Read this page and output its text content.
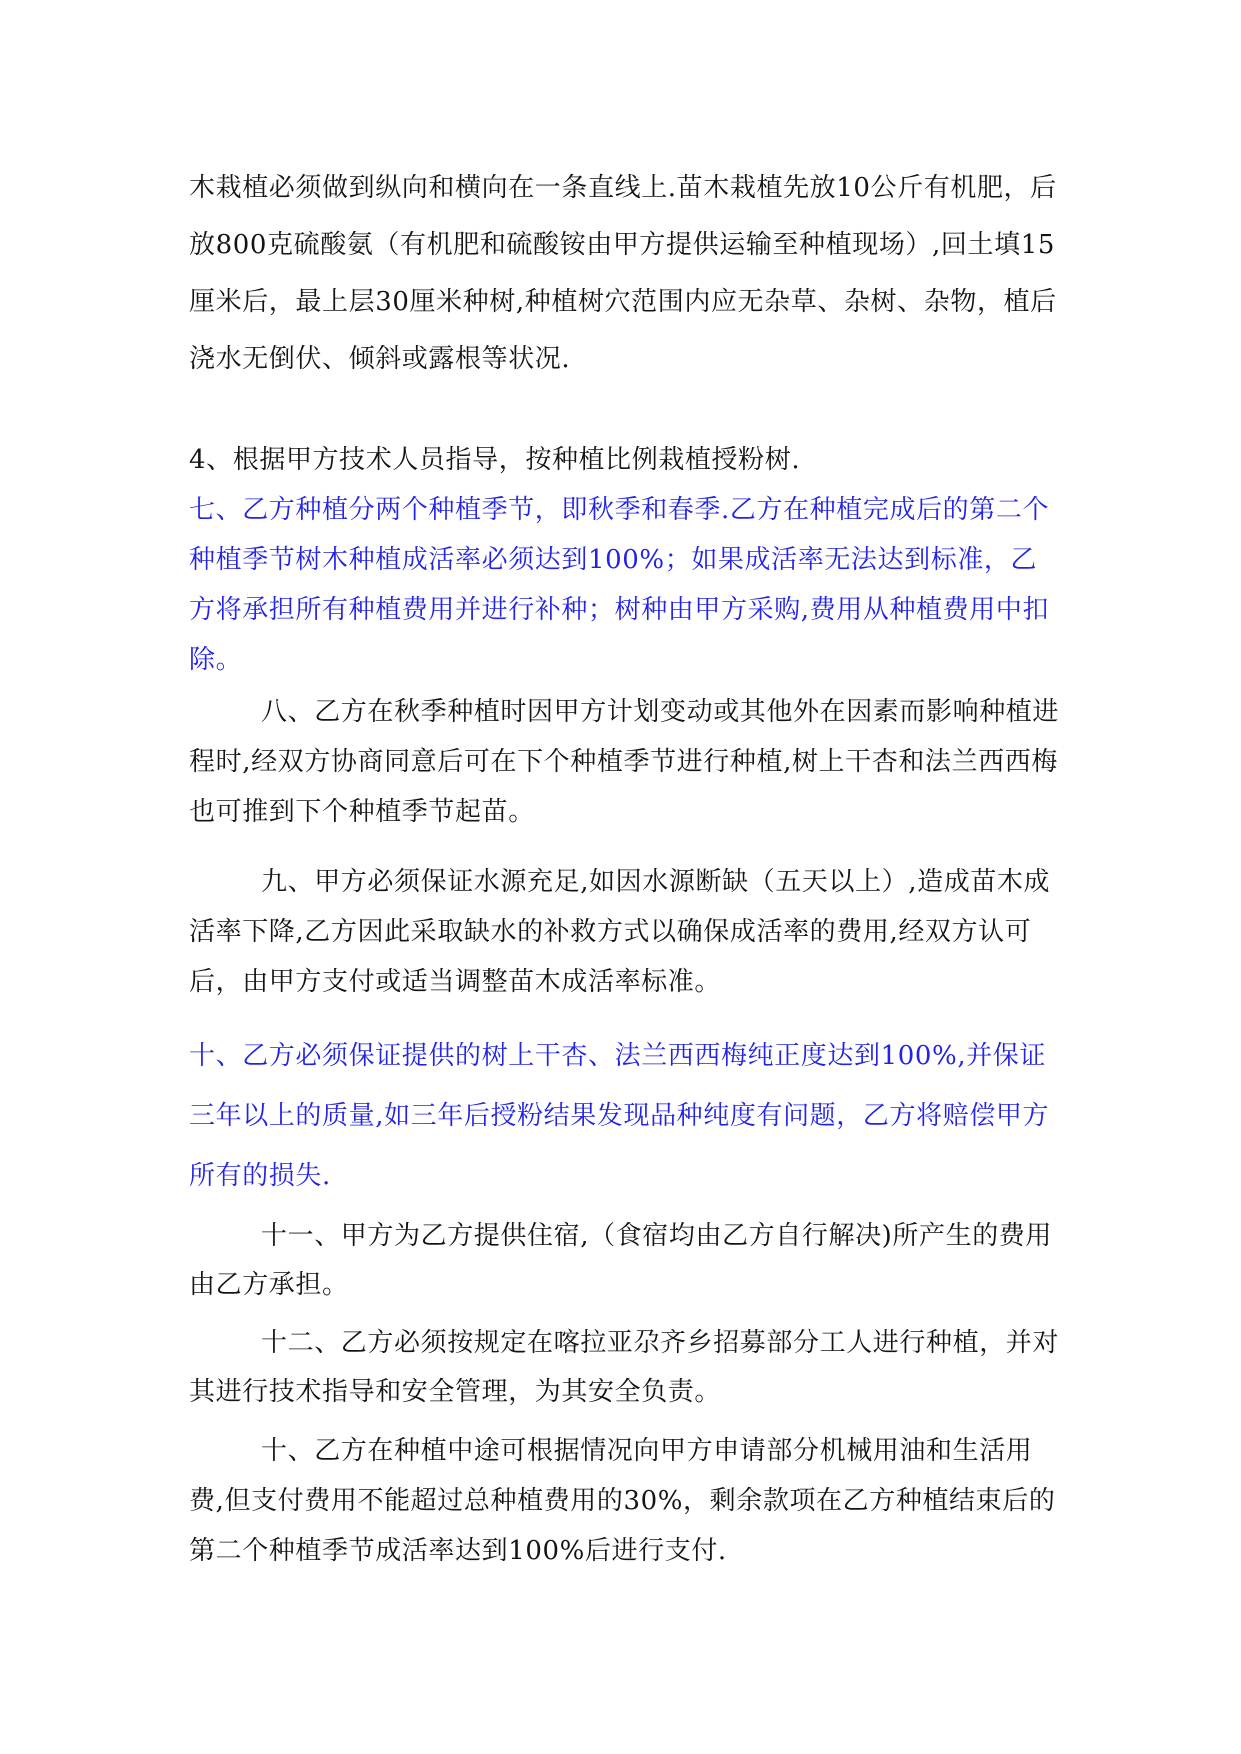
木栽植必须做到纵向和横向在一条直线上.苗木栽植先放10公斤有机肥，后放800克硫酸氨（有机肥和硫酸铵由甲方提供运输至种植现场）,回土填15厘米后，最上层30厘米种树,种植树穴范围内应无杂草、杂树、杂物，植后浇水无倒伏、倾斜或露根等状况.

4、根据甲方技术人员指导，按种植比例栽植授粉树.

七、乙方种植分两个种植季节，即秋季和春季.乙方在种植完成后的第二个种植季节树木种植成活率必须达到100%；如果成活率无法达到标准，乙方将承担所有种植费用并进行补种；树种由甲方采购,费用从种植费用中扣除。

八、乙方在秋季种植时因甲方计划变动或其他外在因素而影响种植进程时,经双方协商同意后可在下个种植季节进行种植,树上干杏和法兰西西梅也可推到下个种植季节起苗。

九、甲方必须保证水源充足,如因水源断缺（五天以上）,造成苗木成活率下降,乙方因此采取缺水的补救方式以确保成活率的费用,经双方认可后，由甲方支付或适当调整苗木成活率标准。

十、乙方必须保证提供的树上干杏、法兰西西梅纯正度达到100%,并保证三年以上的质量,如三年后授粉结果发现品种纯度有问题，乙方将赔偿甲方所有的损失.

十一、甲方为乙方提供住宿,（食宿均由乙方自行解决)所产生的费用由乙方承担。

十二、乙方必须按规定在喀拉亚尕齐乡招募部分工人进行种植，并对其进行技术指导和安全管理，为其安全负责。

十、乙方在种植中途可根据情况向甲方申请部分机械用油和生活用费,但支付费用不能超过总种植费用的30%，剩余款项在乙方种植结束后的第二个种植季节成活率达到100%后进行支付.
